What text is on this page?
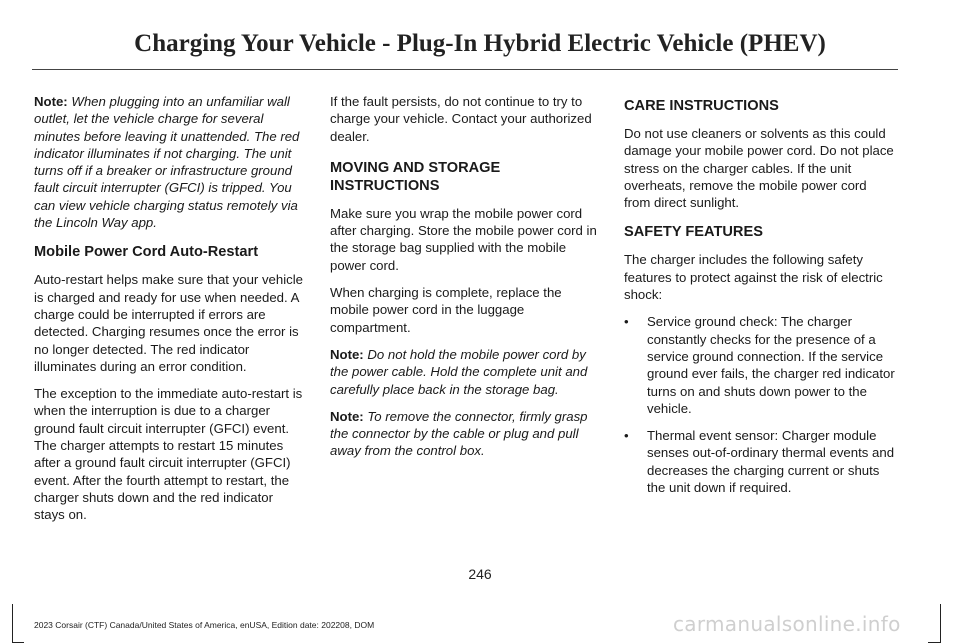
Charging Your Vehicle - Plug-In Hybrid Electric Vehicle (PHEV)

Note: When plugging into an unfamiliar wall outlet, let the vehicle charge for several minutes before leaving it unattended. The red indicator illuminates if not charging. The unit turns off if a breaker or infrastructure ground fault circuit interrupter (GFCI) is tripped. You can view vehicle charging status remotely via the Lincoln Way app.

Mobile Power Cord Auto-Restart

Auto-restart helps make sure that your vehicle is charged and ready for use when needed. A charge could be interrupted if errors are detected. Charging resumes once the error is no longer detected. The red indicator illuminates during an error condition.

The exception to the immediate auto-restart is when the interruption is due to a charger ground fault circuit interrupter (GFCI) event. The charger attempts to restart 15 minutes after a ground fault circuit interrupter (GFCI) event. After the fourth attempt to restart, the charger shuts down and the red indicator stays on.

If the fault persists, do not continue to try to charge your vehicle. Contact your authorized dealer.

MOVING AND STORAGE INSTRUCTIONS

Make sure you wrap the mobile power cord after charging. Store the mobile power cord in the storage bag supplied with the mobile power cord.

When charging is complete, replace the mobile power cord in the luggage compartment.

Note: Do not hold the mobile power cord by the power cable. Hold the complete unit and carefully place back in the storage bag.

Note: To remove the connector, firmly grasp the connector by the cable or plug and pull away from the control box.

CARE INSTRUCTIONS

Do not use cleaners or solvents as this could damage your mobile power cord. Do not place stress on the charger cables. If the unit overheats, remove the mobile power cord from direct sunlight.

SAFETY FEATURES

The charger includes the following safety features to protect against the risk of electric shock:

• Service ground check: The charger constantly checks for the presence of a service ground connection. If the service ground ever fails, the charger red indicator turns on and shuts down power to the vehicle.
• Thermal event sensor: Charger module senses out-of-ordinary thermal events and decreases the charging current or shuts the unit down if required.
246
2023 Corsair (CTF) Canada/United States of America, enUSA, Edition date: 202208, DOM	carmanualsonline.info
